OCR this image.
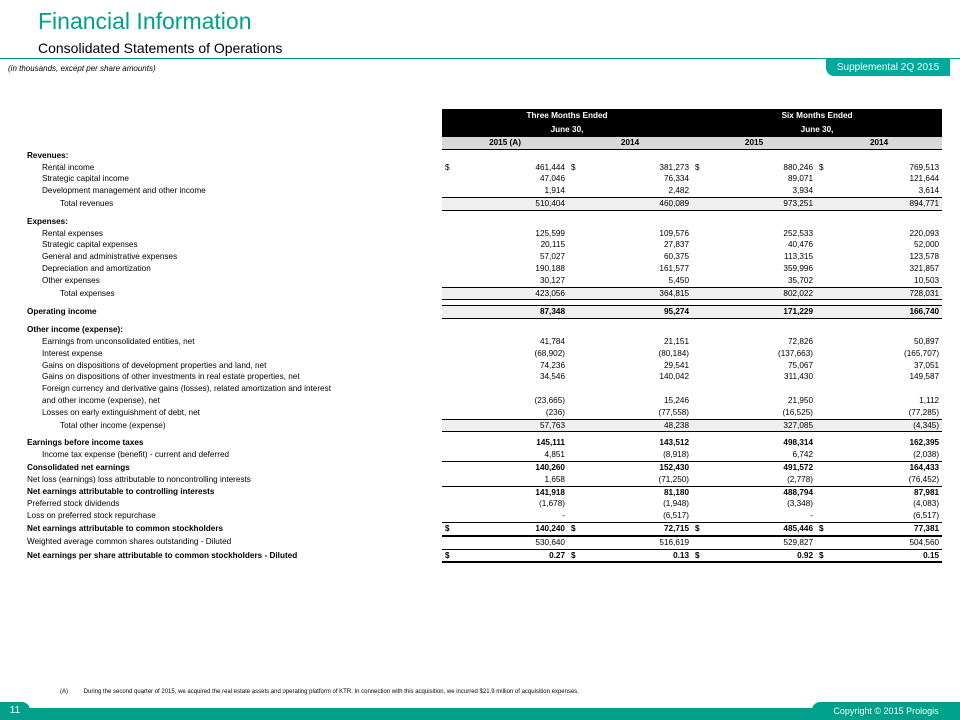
Financial Information
Consolidated Statements of Operations
(in thousands, except per share amounts)	Supplemental 2Q 2015
	Three Months Ended				Six Months Ended			
	June 30,				June 30,			
	2015 (A)		2014		2015		2014	
Revenues:								
Rental income	$	461,444	$	381,273	$	880,246	$	769,513
Strategic capital income		47,046		76,334		89,071		121,644
Development management and other income		1,914		2,482		3,934		3,614
Total revenues		510,404		460,089		973,251		894,771

Expenses:								
Rental expenses		125,599		109,576		252,533		220,093
Strategic capital expenses		20,115		27,837		40,476		52,000
General and administrative expenses		57,027		60,375		113,315		123,578
Depreciation and amortization		190,188		161,577		359,996		321,857
Other expenses		30,127		5,450		35,702		10,503
Total expenses		423,056		364,815		802,022		728,031

Operating income		87,348		95,274		171,229		166,740

Other income (expense):								
Earnings from unconsolidated entities, net		41,784		21,151		72,826		50,897
Interest expense		(68,902)		(80,184)		(137,663)		(165,707)
Gains on dispositions of development properties and land, net		74,236		29,541		75,067		37,051
Gains on dispositions of other investments in real estate properties, net		34,546		140,042		311,430		149,587
Foreign currency and derivative gains (losses), related amortization and interest								
and other income (expense), net		(23,665)		15,246		21,950		1,112
Losses on early extinguishment of debt, net		(236)		(77,558)		(16,525)		(77,285)
Total other income (expense)		57,763		48,238		327,085		(4,345)

Earnings before income taxes		145,111		143,512		498,314		162,395
Income tax expense (benefit) - current and deferred		4,851		(8,918)		6,742		(2,038)
Consolidated net earnings		140,260		152,430		491,572		164,433
Net loss (earnings) loss attributable to noncontrolling interests		1,658		(71,250)		(2,778)		(76,452)
Net earnings attributable to controlling interests		141,918		81,180		488,794		87,981
Preferred stock dividends		(1,678)		(1,948)		(3,348)		(4,083)
Loss on preferred stock repurchase		-		(6,517)		-		(6,517)
Net earnings attributable to common stockholders	$	140,240	$	72,715	$	485,446	$	77,381
Weighted average common shares outstanding - Diluted		530,640		516,619		529,827		504,560
Net earnings per share attributable to common stockholders - Diluted	$	0.27	$	0.13	$	0.92	$	0.15
(A)	During the second quarter of 2015, we acquired the real estate assets and operating platform of KTR. In connection with this acquisition, we incurred $21.9 million of acquisition expenses.
11	Copyright © 2015 Prologis
